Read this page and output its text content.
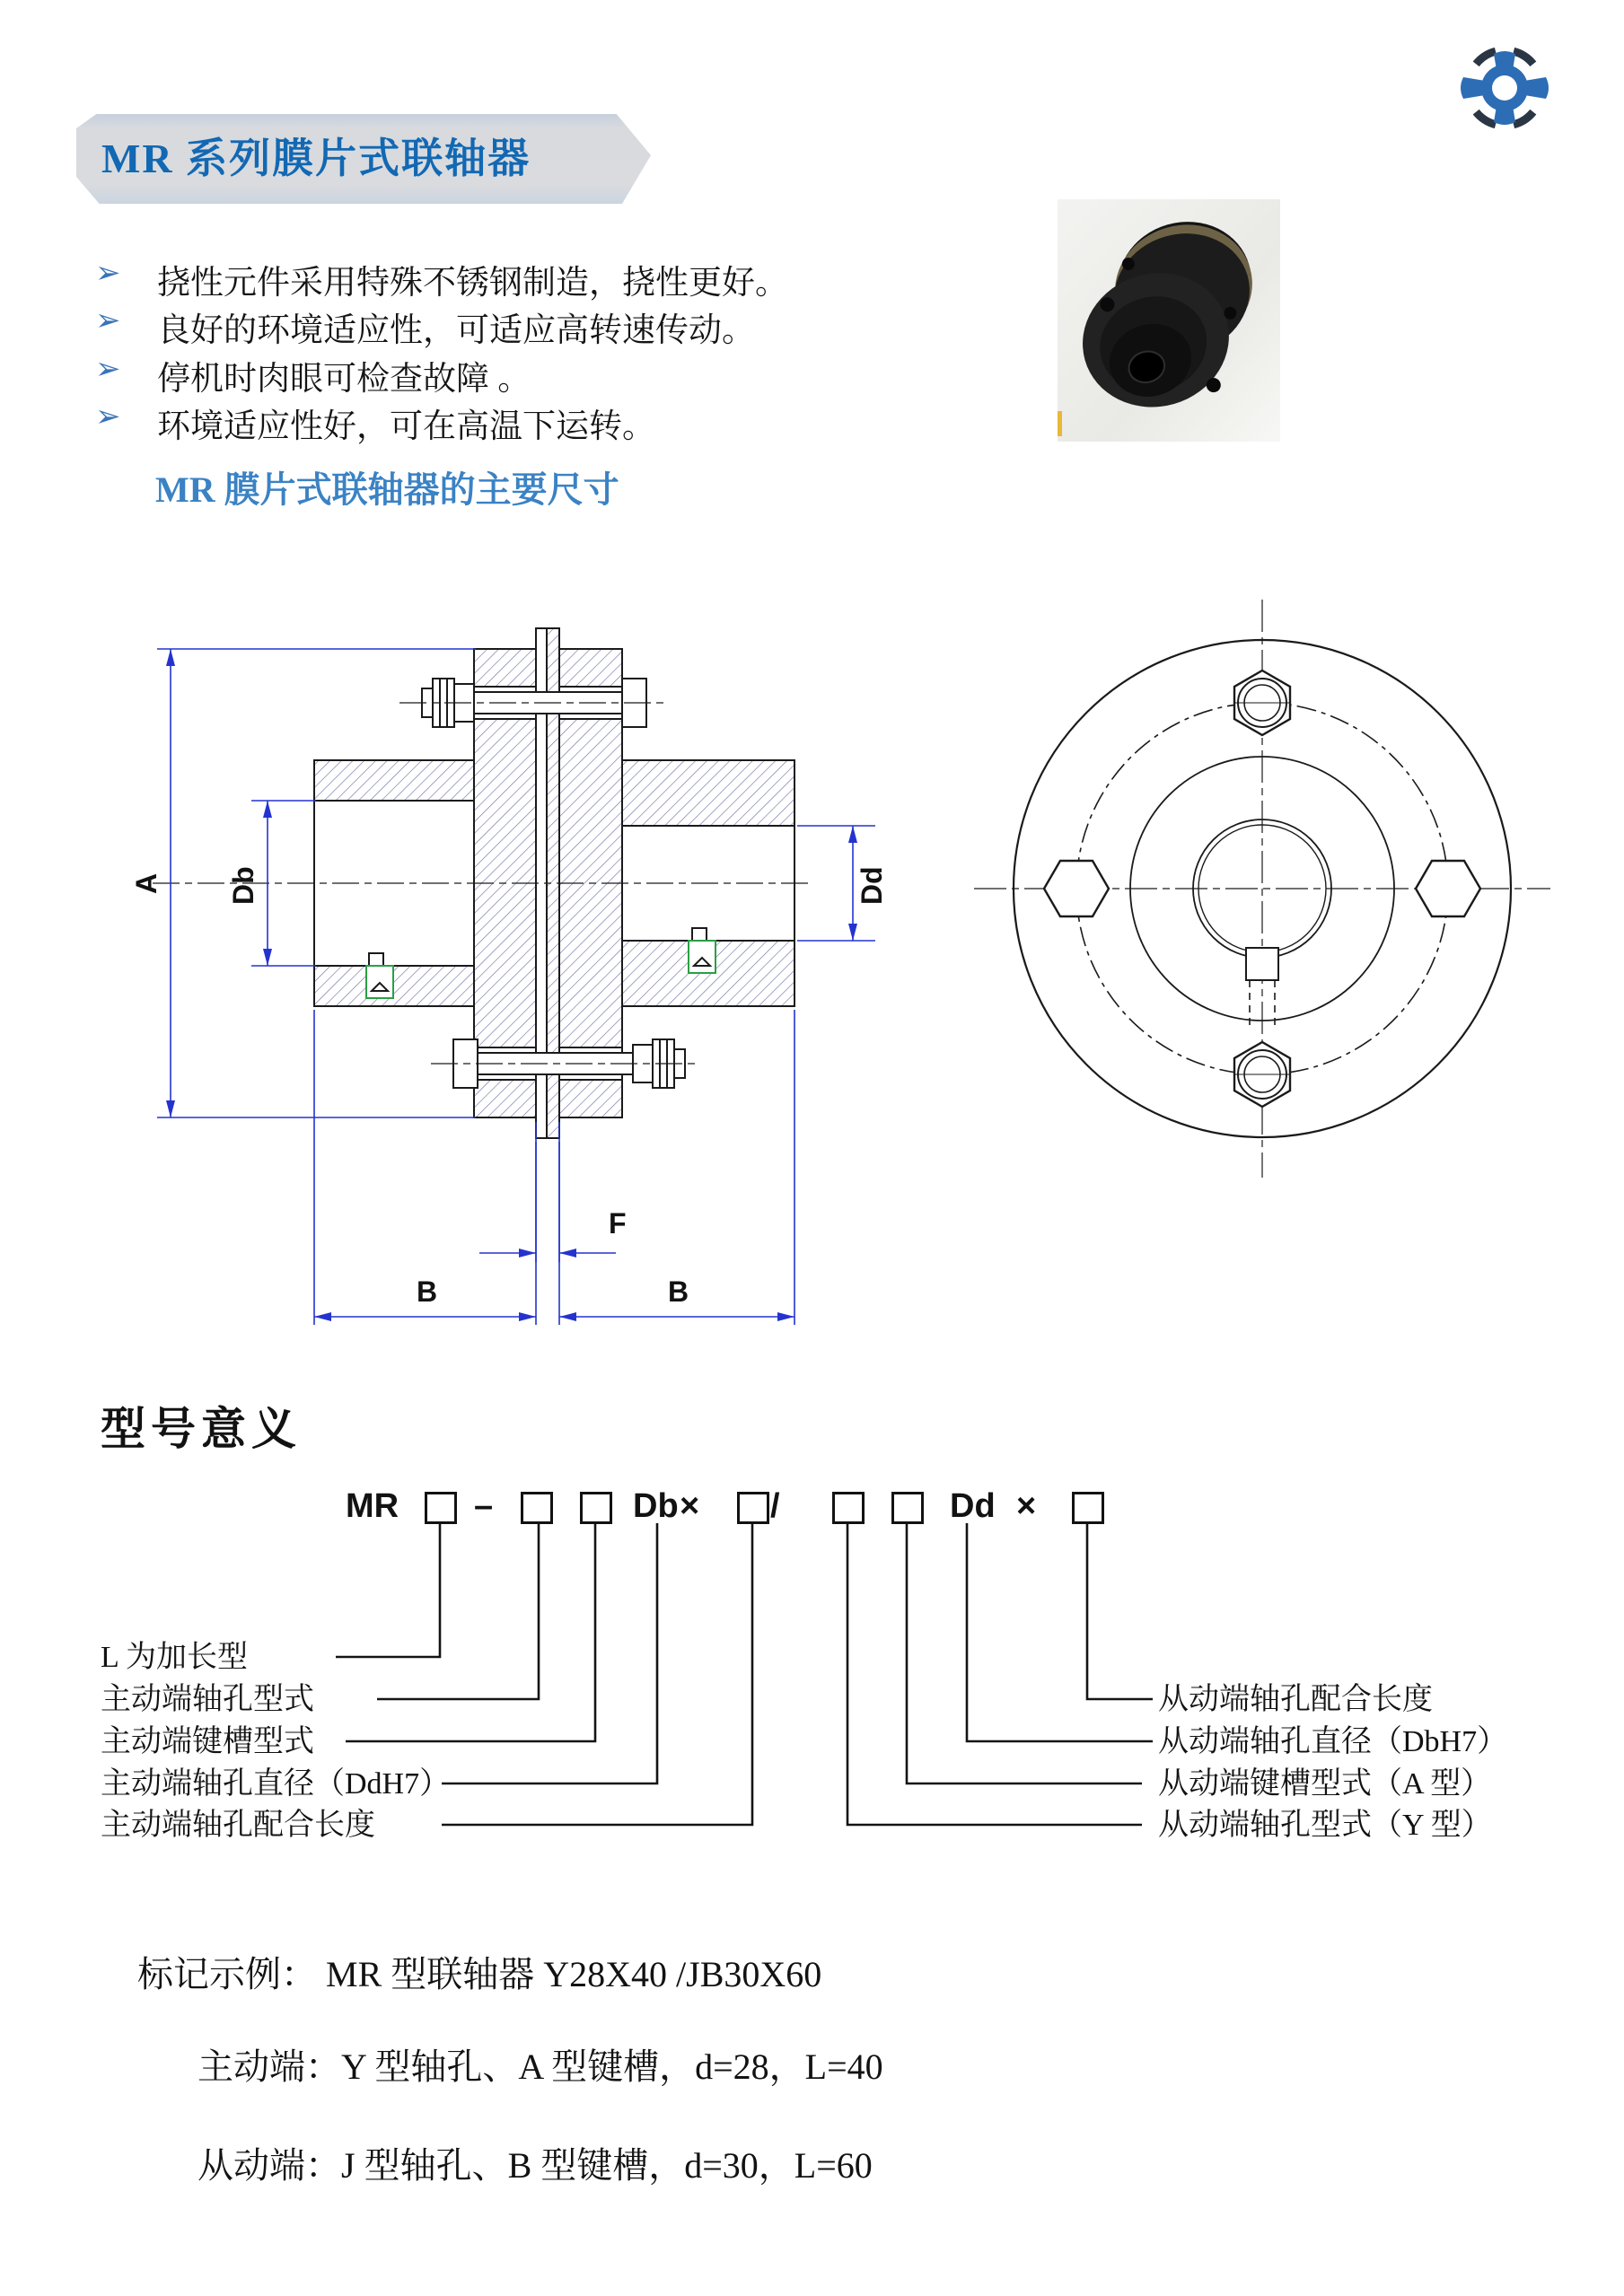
MR 系列膜片式联轴器
➢ 挠性元件采用特殊不锈钢制造，挠性更好。
➢ 良好的环境适应性，可适应高转速传动。
➢ 停机时肉眼可检查故障 。
➢ 环境适应性好，可在高温下运转。
MR 膜片式联轴器的主要尺寸
A Db	Dd
F
B	B
型号意义
MR –	Db × /	Dd ×
L 为加长型
主动端轴孔型式
主动端键槽型式
主动端轴孔直径（DdH7）
主动端轴孔配合长度
从动端轴孔配合长度
从动端轴孔直径（DbH7）
从动端键槽型式（A 型）
从动端轴孔型式（Y 型）
标记示例： MR 型联轴器 Y28X40 /JB30X60
主动端：Y 型轴孔、A 型键槽，d=28，L=40
从动端：J 型轴孔、B 型键槽，d=30，L=60
